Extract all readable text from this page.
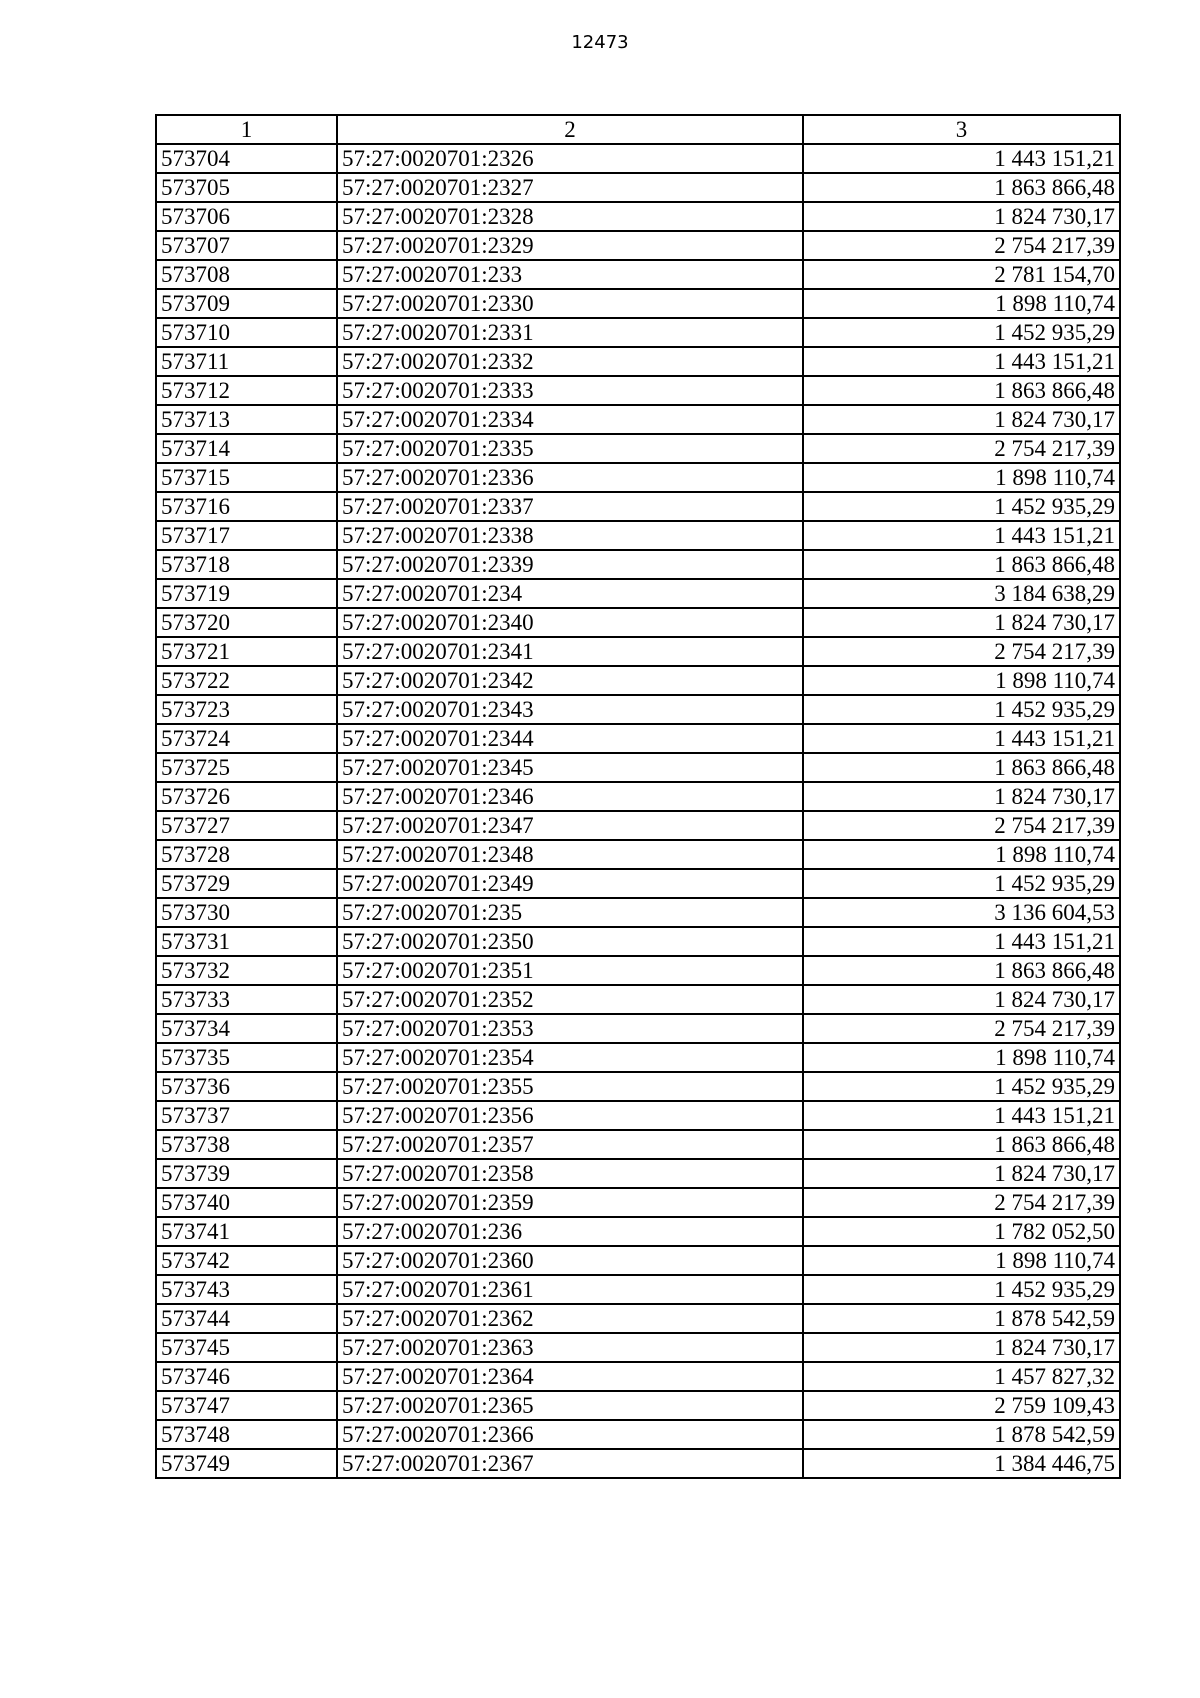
12473
1	2	3
573704	57:27:0020701:2326	1 443 151,21
573705	57:27:0020701:2327	1 863 866,48
573706	57:27:0020701:2328	1 824 730,17
573707	57:27:0020701:2329	2 754 217,39
573708	57:27:0020701:233	2 781 154,70
573709	57:27:0020701:2330	1 898 110,74
573710	57:27:0020701:2331	1 452 935,29
573711	57:27:0020701:2332	1 443 151,21
573712	57:27:0020701:2333	1 863 866,48
573713	57:27:0020701:2334	1 824 730,17
573714	57:27:0020701:2335	2 754 217,39
573715	57:27:0020701:2336	1 898 110,74
573716	57:27:0020701:2337	1 452 935,29
573717	57:27:0020701:2338	1 443 151,21
573718	57:27:0020701:2339	1 863 866,48
573719	57:27:0020701:234	3 184 638,29
573720	57:27:0020701:2340	1 824 730,17
573721	57:27:0020701:2341	2 754 217,39
573722	57:27:0020701:2342	1 898 110,74
573723	57:27:0020701:2343	1 452 935,29
573724	57:27:0020701:2344	1 443 151,21
573725	57:27:0020701:2345	1 863 866,48
573726	57:27:0020701:2346	1 824 730,17
573727	57:27:0020701:2347	2 754 217,39
573728	57:27:0020701:2348	1 898 110,74
573729	57:27:0020701:2349	1 452 935,29
573730	57:27:0020701:235	3 136 604,53
573731	57:27:0020701:2350	1 443 151,21
573732	57:27:0020701:2351	1 863 866,48
573733	57:27:0020701:2352	1 824 730,17
573734	57:27:0020701:2353	2 754 217,39
573735	57:27:0020701:2354	1 898 110,74
573736	57:27:0020701:2355	1 452 935,29
573737	57:27:0020701:2356	1 443 151,21
573738	57:27:0020701:2357	1 863 866,48
573739	57:27:0020701:2358	1 824 730,17
573740	57:27:0020701:2359	2 754 217,39
573741	57:27:0020701:236	1 782 052,50
573742	57:27:0020701:2360	1 898 110,74
573743	57:27:0020701:2361	1 452 935,29
573744	57:27:0020701:2362	1 878 542,59
573745	57:27:0020701:2363	1 824 730,17
573746	57:27:0020701:2364	1 457 827,32
573747	57:27:0020701:2365	2 759 109,43
573748	57:27:0020701:2366	1 878 542,59
573749	57:27:0020701:2367	1 384 446,75
